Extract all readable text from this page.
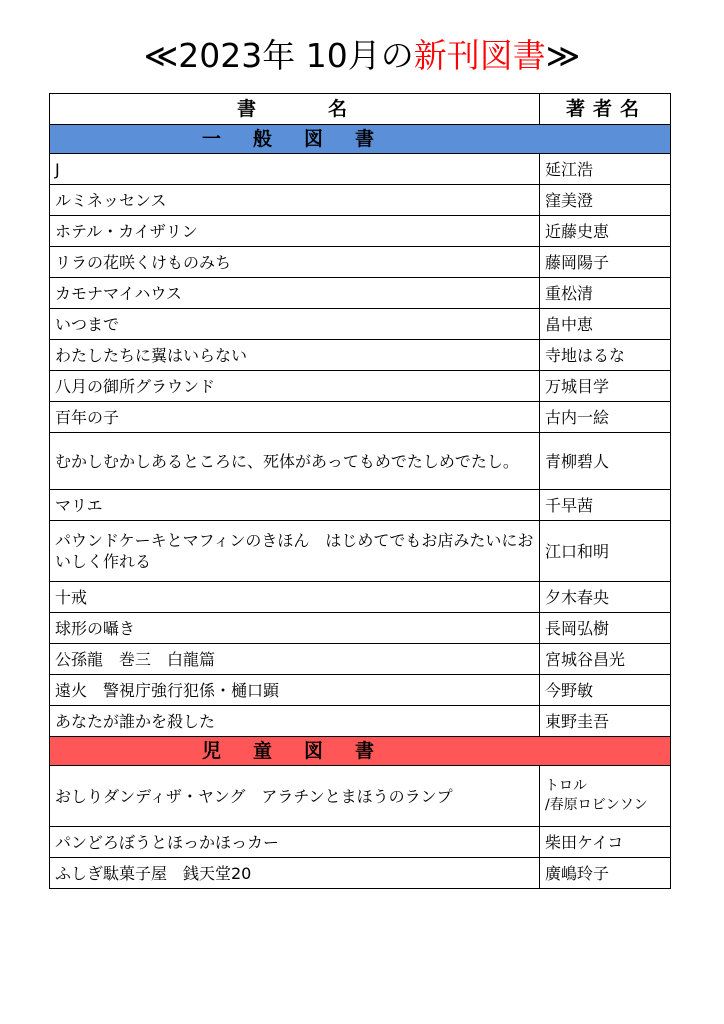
≪2023年 10月の新刊図書≫
書名	著者名
一般図書	
J	延江浩
ルミネッセンス	窪美澄
ホテル・カイザリン	近藤史恵
リラの花咲くけものみち	藤岡陽子
カモナマイハウス	重松清
いつまで	畠中恵
わたしたちに翼はいらない	寺地はるな
八月の御所グラウンド	万城目学
百年の子	古内一絵
むかしむかしあるところに、死体があってもめでたしめでたし。	青柳碧人
マリエ	千早茜
パウンドケーキとマフィンのきほん　はじめてでもお店みたいにおいしく作れる	江口和明
十戒	夕木春央
球形の囁き	長岡弘樹
公孫龍　巻三　白龍篇	宮城谷昌光
遠火　警視庁強行犯係・樋口顕	今野敏
あなたが誰かを殺した	東野圭吾
児童図書	
おしりダンディザ・ヤング　アラチンとまほうのランプ	トロル
/春原ロビンソン

パンどろぼうとほっかほっカー	柴田ケイコ
ふしぎ駄菓子屋　銭天堂20	廣嶋玲子
